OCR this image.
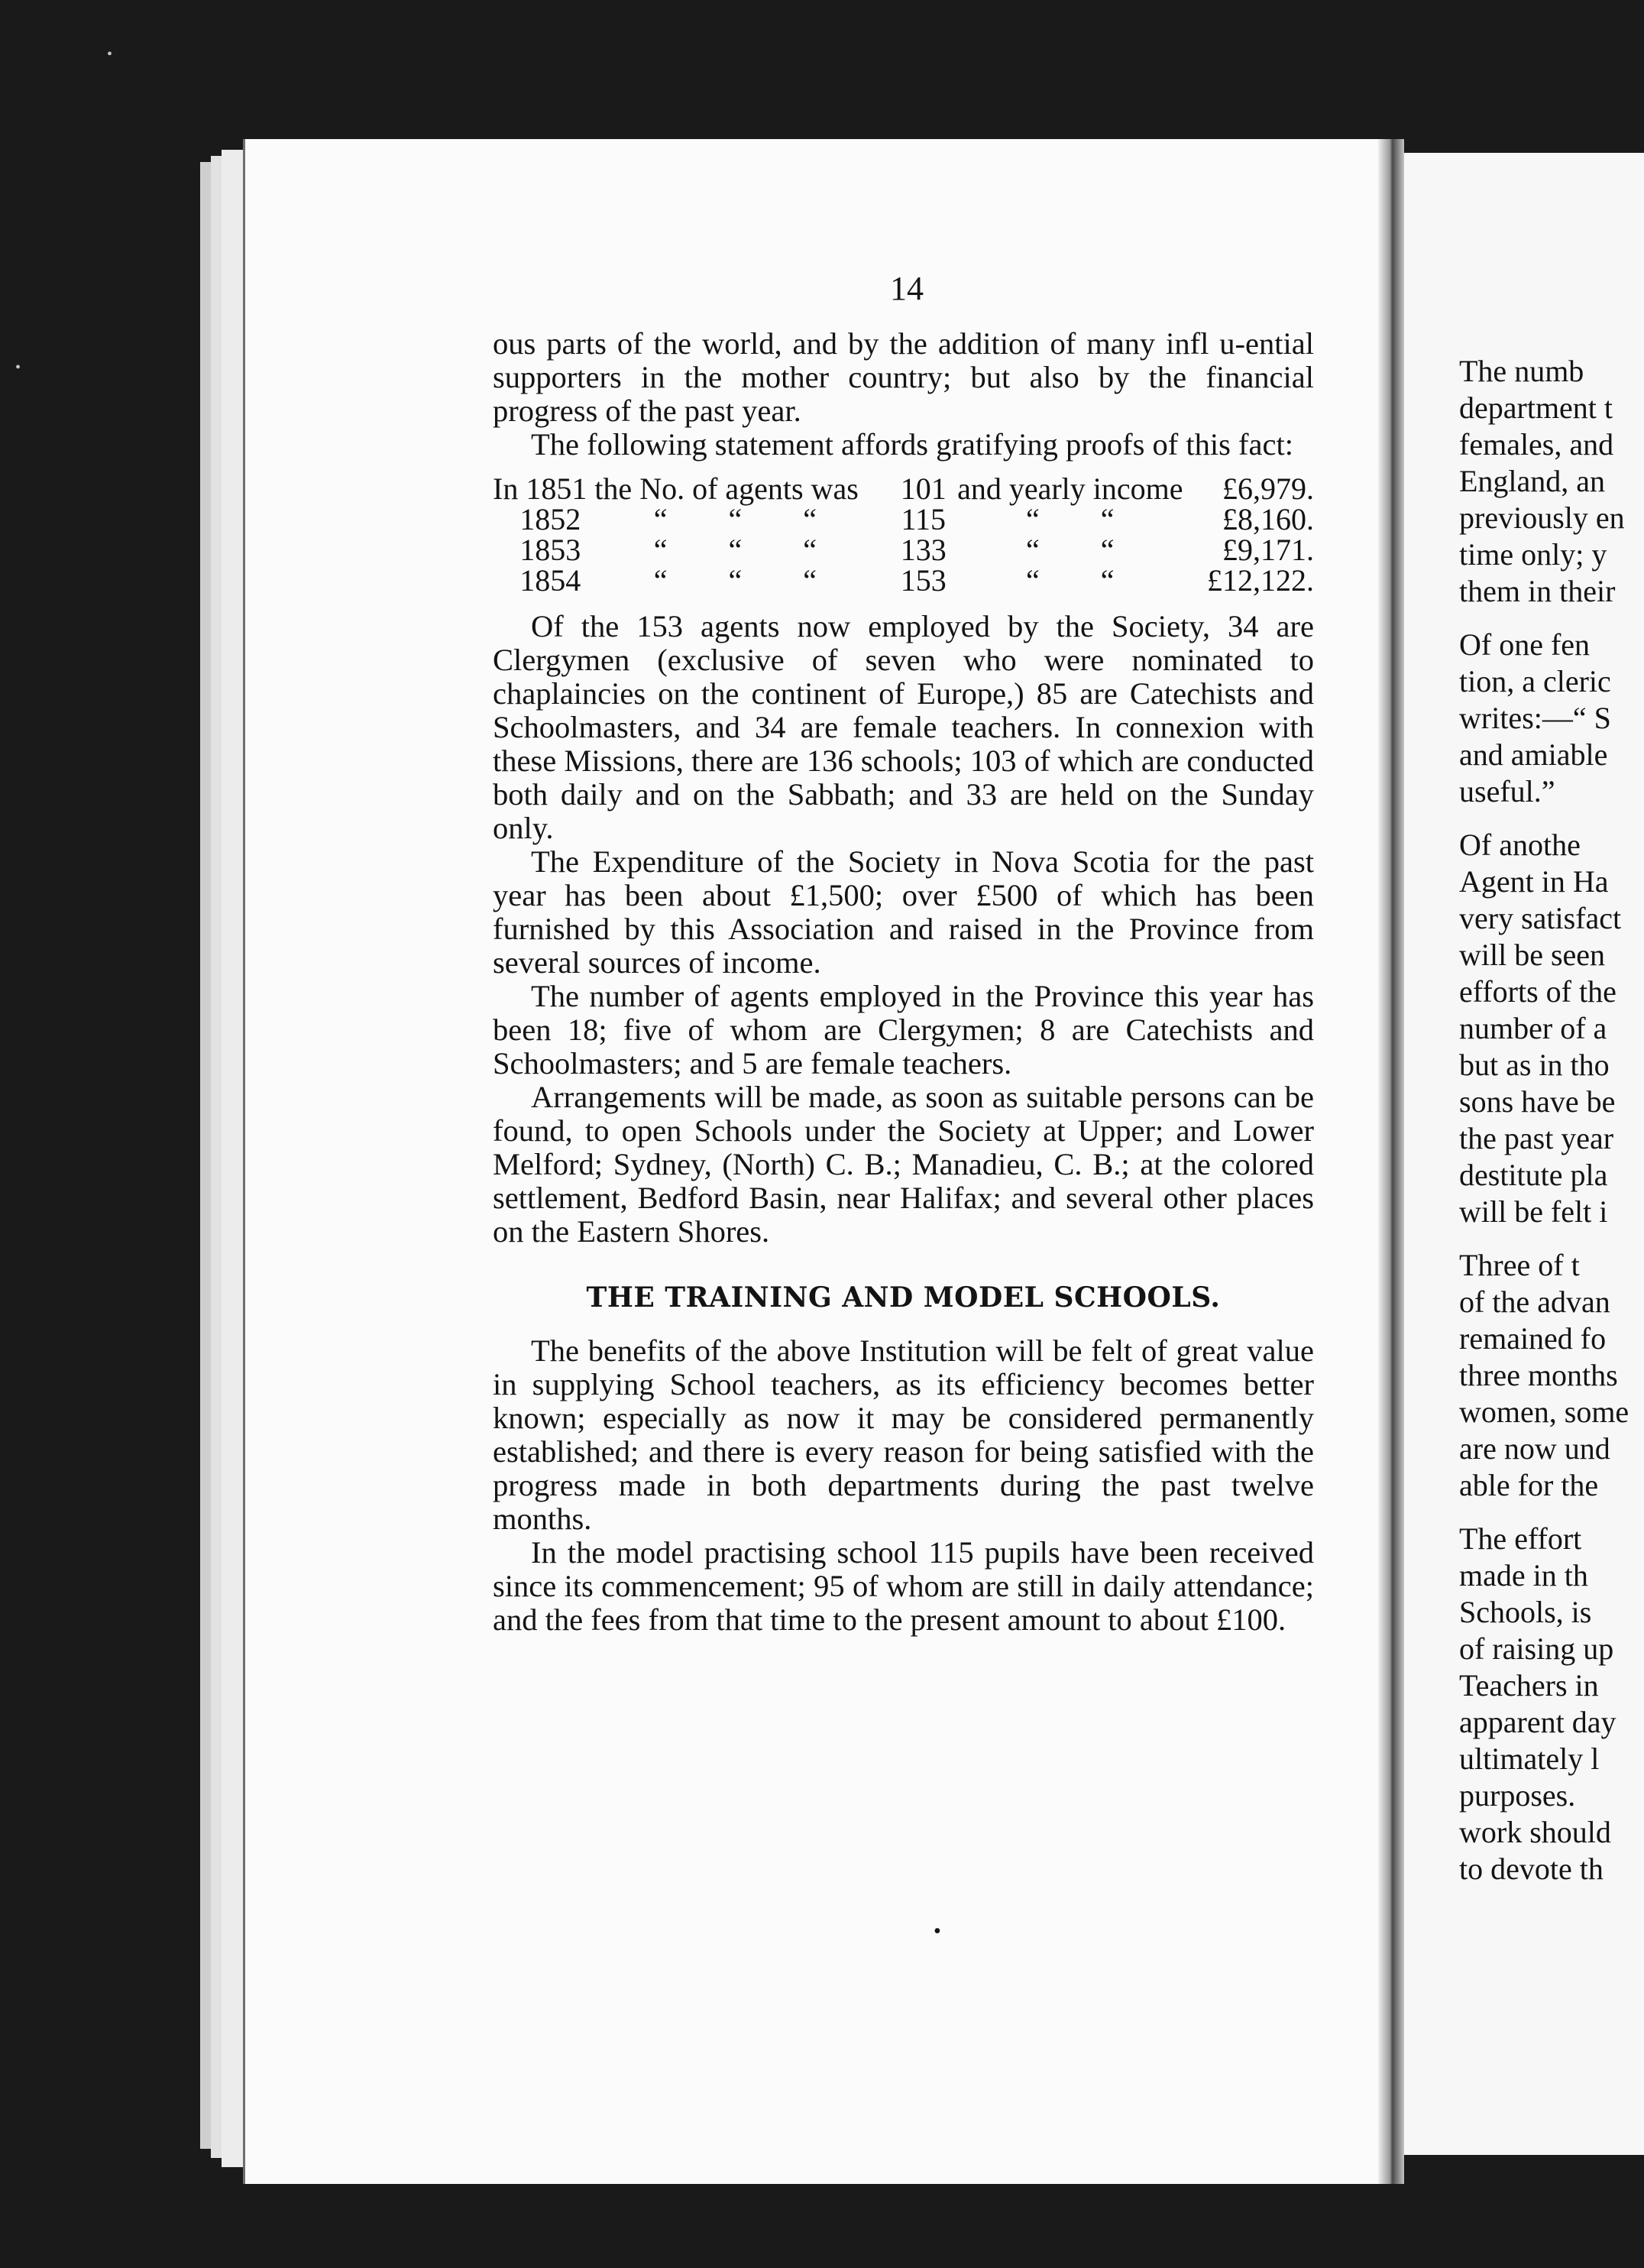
•
•
14

ous parts of the world, and by the addition of many infl u-ential supporters in the mother country; but also by the financial progress of the past year.

The following statement affords gratifying proofs of this fact:

In 1851 the No. of agents was		101	and yearly income	£6,979.
1852	“ “ “	115	“ “	£8,160.
1853	“ “ “	133	“ “	£9,171.
1854	“ “ “	153	“ “	£12,122.

Of the 153 agents now employed by the Society, 34 are Clergymen (exclusive of seven who were nominated to chaplaincies on the continent of Europe,) 85 are Catechists and Schoolmasters, and 34 are female teachers. In connexion with these Missions, there are 136 schools; 103 of which are conducted both daily and on the Sabbath; and 33 are held on the Sunday only.

The Expenditure of the Society in Nova Scotia for the past year has been about £1,500; over £500 of which has been furnished by this Association and raised in the Province from several sources of income.

The number of agents employed in the Province this year has been 18; five of whom are Clergymen; 8 are Catechists and Schoolmasters; and 5 are female teachers.

Arrangements will be made, as soon as suitable persons can be found, to open Schools under the Society at Upper; and Lower Melford; Sydney, (North) C. B.; Manadieu, C. B.; at the colored settlement, Bedford Basin, near Halifax; and several other places on the Eastern Shores.

THE TRAINING AND MODEL SCHOOLS.

The benefits of the above Institution will be felt of great value in supplying School teachers, as its efficiency becomes better known; especially as now it may be considered permanently established; and there is every reason for being satisfied with the progress made in both departments during the past twelve months.

In the model practising school 115 pupils have been received since its commencement; 95 of whom are still in daily attendance; and the fees from that time to the present amount to about £100.

•
The numb
department t
females, and
England, an
previously en
time only; y
them in their
Of one fen
tion, a cleric
writes:—“ S
and amiable
useful.”
Of anothe
Agent in Ha
very satisfact
will be seen
efforts of the
number of a
but as in tho
sons have be
the past year
destitute pla
will be felt i
Three of t
of the advan
remained fo
three months
women, some
are now und
able for the
The effort
made in th
Schools, is
of raising up
Teachers in
apparent day
ultimately l
purposes.
work should
to devote th
